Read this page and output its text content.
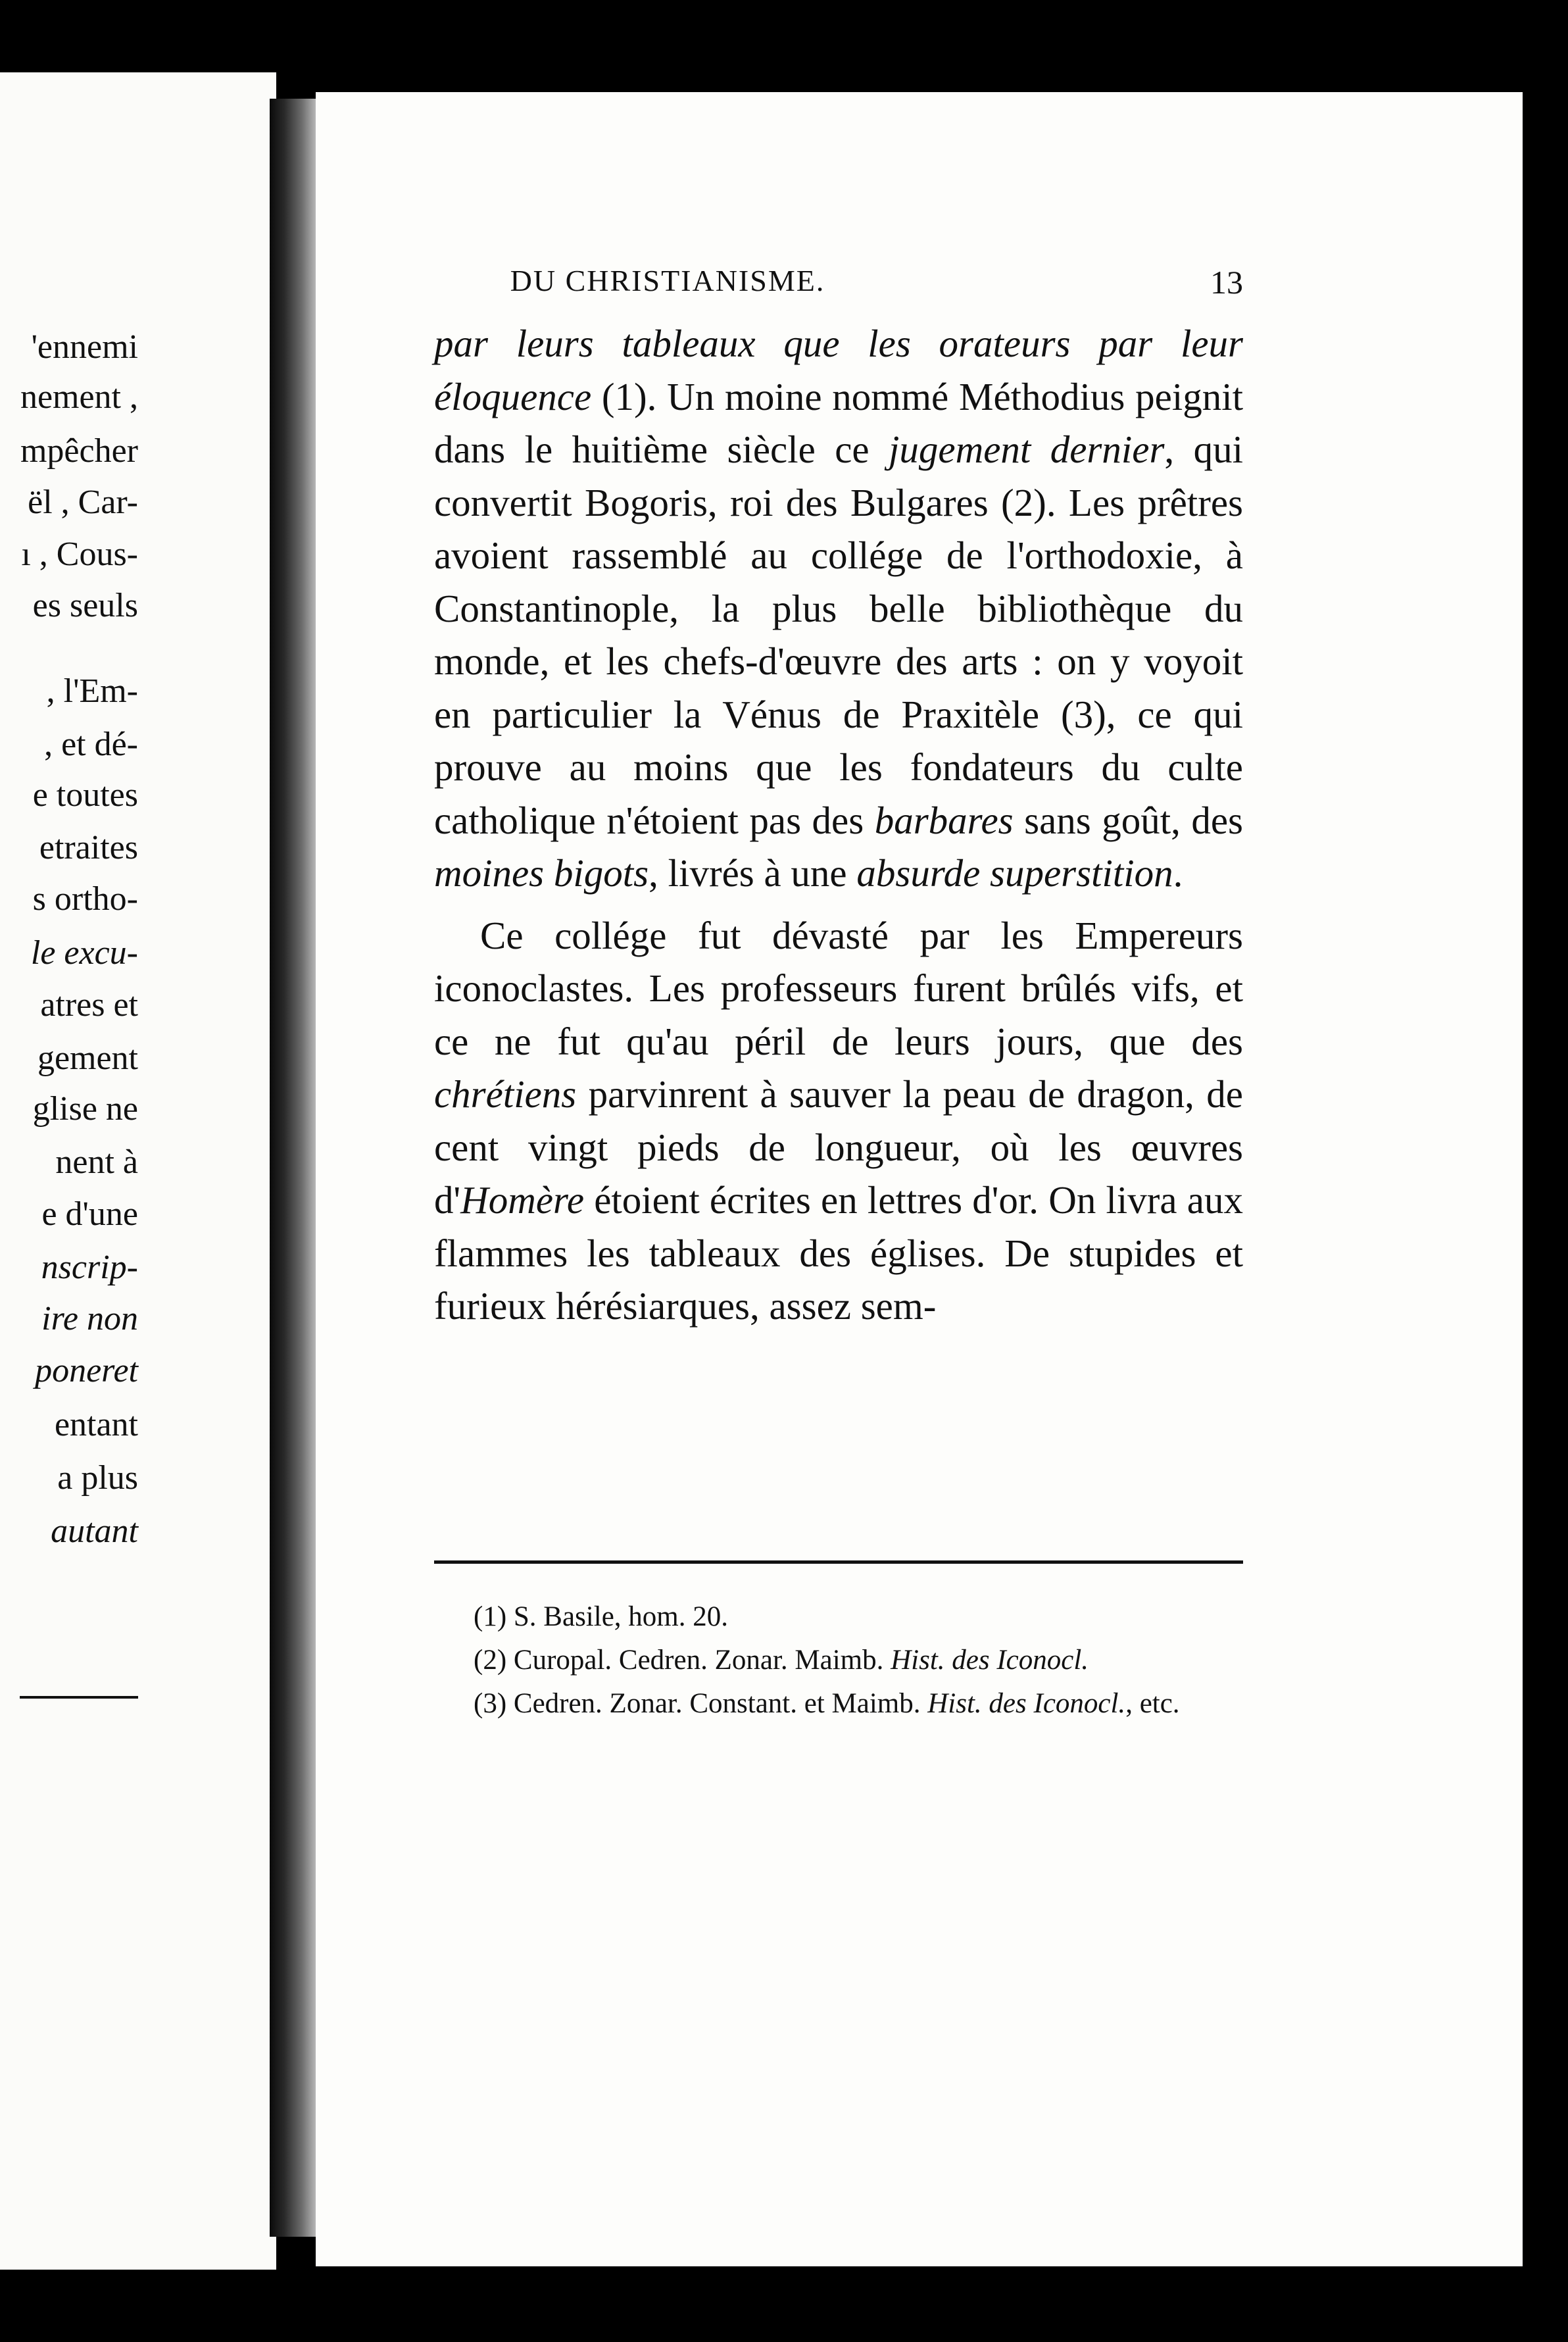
'ennemi
nement ,
mpêcher
ël , Car-
ı , Cous-
es seuls
, l'Em-
, et dé-
e toutes
etraites
s ortho-
le excu-
atres et
gement
glise ne
nent à
e d'une
nscrip-
ire non
poneret
entant
a plus
autant
DU CHRISTIANISME.	13

par leurs tableaux que les orateurs par leur éloquence (1). Un moine nommé Méthodius peignit dans le huitième siècle ce jugement dernier, qui convertit Bogoris, roi des Bulgares (2). Les prêtres avoient rassemblé au collége de l'orthodoxie, à Constantinople, la plus belle bibliothèque du monde, et les chefs-d'œuvre des arts : on y voyoit en particulier la Vénus de Praxitèle (3), ce qui prouve au moins que les fondateurs du culte catholique n'étoient pas des barbares sans goût, des moines bigots, livrés à une absurde superstition.

Ce collége fut dévasté par les Empereurs iconoclastes. Les professeurs furent brûlés vifs, et ce ne fut qu'au péril de leurs jours, que des chrétiens parvinrent à sauver la peau de dragon, de cent vingt pieds de longueur, où les œuvres d'Homère étoient écrites en lettres d'or. On livra aux flammes les tableaux des églises. De stupides et furieux hérésiarques, assez sem-

(1) S. Basile, hom. 20.

(2) Curopal. Cedren. Zonar. Maimb. Hist. des Iconocl.

(3) Cedren. Zonar. Constant. et Maimb. Hist. des Iconocl., etc.
